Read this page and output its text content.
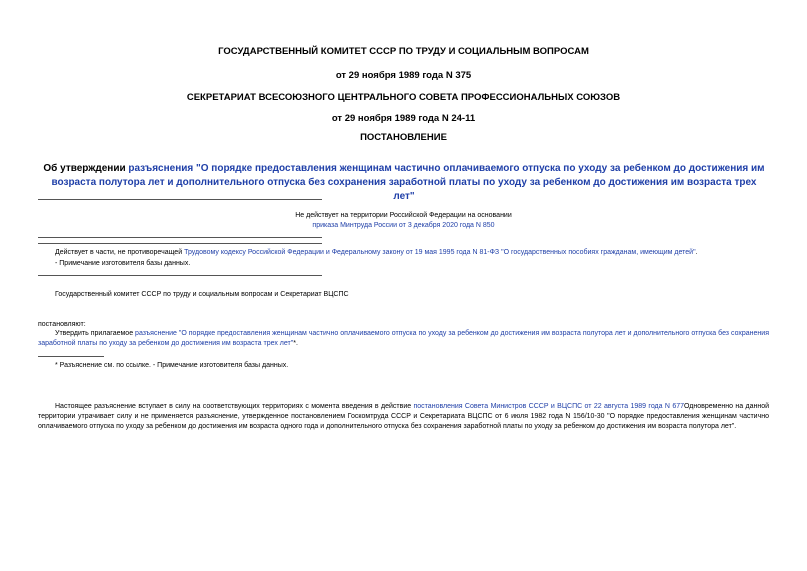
ГОСУДАРСТВЕННЫЙ КОМИТЕТ СССР ПО ТРУДУ И СОЦИАЛЬНЫМ ВОПРОСАМ
от 29 ноября 1989 года N 375
СЕКРЕТАРИАТ ВСЕСОЮЗНОГО ЦЕНТРАЛЬНОГО СОВЕТА ПРОФЕССИОНАЛЬНЫХ СОЮЗОВ
от 29 ноября 1989 года N 24-11
ПОСТАНОВЛЕНИЕ
Об утверждении разъяснения "О порядке предоставления женщинам частично оплачиваемого отпуска по уходу за ребенком до достижения им возраста полутора лет и дополнительного отпуска без сохранения заработной платы по уходу за ребенком до достижения им возраста трех лет"
Не действует на территории Российской Федерации на основании
приказа Минтруда России от 3 декабря 2020 года N 850
Действует в части, не противоречащей Трудовому кодексу Российской Федерации и Федеральному закону от 19 мая 1995 года N 81-ФЗ "О государственных пособиях гражданам, имеющим детей".
- Примечание изготовителя базы данных.
Государственный комитет СССР по труду и социальным вопросам и Секретариат ВЦСПС
постановляют:
Утвердить прилагаемое разъяснение "О порядке предоставления женщинам частично оплачиваемого отпуска по уходу за ребенком до достижения им возраста полутора лет и дополнительного отпуска без сохранения заработной платы по уходу за ребенком до достижения им возраста трех лет"*.
* Разъяснение см. по ссылке. - Примечание изготовителя базы данных.
Настоящее разъяснение вступает в силу на соответствующих территориях с момента введения в действие постановления Совета Министров СССР и ВЦСПС от 22 августа 1989 года N 677Одновременно на данной территории утрачивает силу и не применяется разъяснение, утвержденное постановлением Госкомтруда СССР и Секретариата ВЦСПС от 6 июля 1982 года N 156/10-30 "О порядке предоставления женщинам частично оплачиваемого отпуска по уходу за ребенком до достижения им возраста одного года и дополнительного отпуска без сохранения заработной платы по уходу за ребенком до достижения им возраста полутора лет".
